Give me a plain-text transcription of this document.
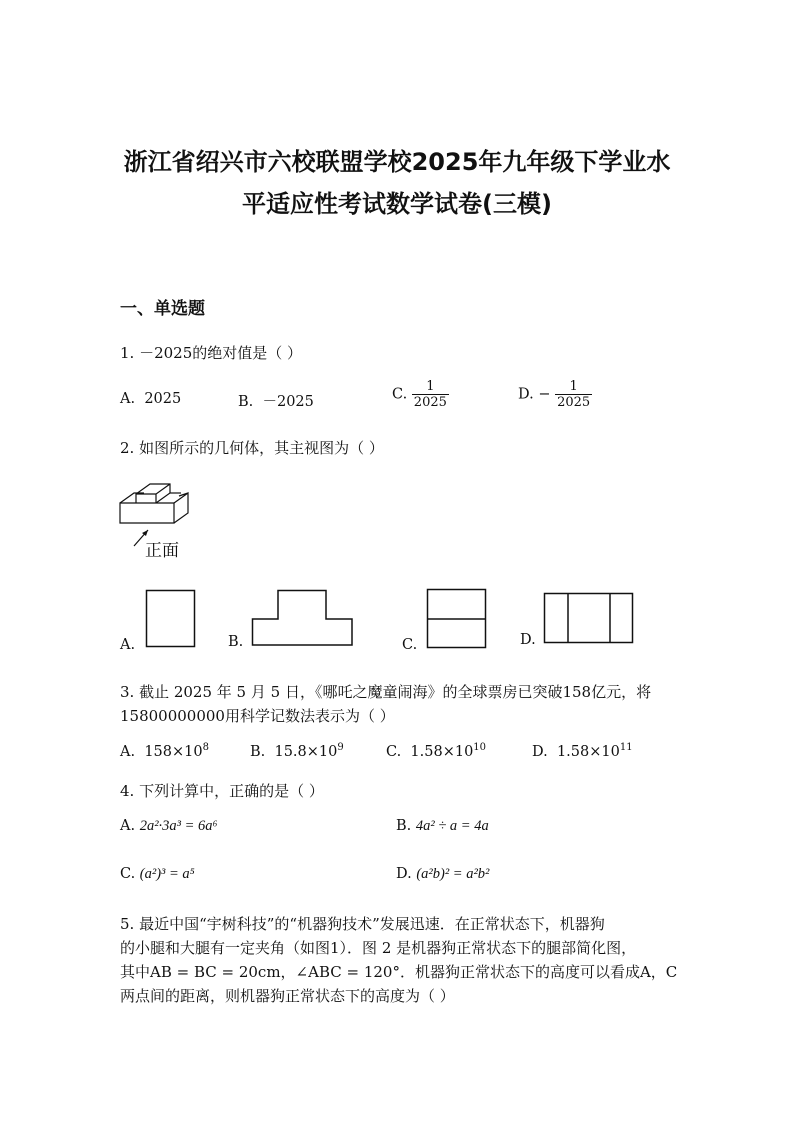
浙江省绍兴市六校联盟学校2025年九年级下学业水
平适应性考试数学试卷(三模)
一、单选题
1. －2025的绝对值是（ ）
A. 2025	B. －2025	C. $\frac{1}{2025}$	D. − $\frac{1}{2025}$
2. 如图所示的几何体，其主视图为（ ）
正面
A.	B.	C.	D.
3. 截止 2025 年 5 月 5 日，《哪吒之魔童闹海》的全球票房已突破158亿元，将
15800000000用科学记数法表示为（ ）
A. $158\times 10^8$	B. $15.8\times 10^9$	C. $1.58\times 10^{10}$	D. $1.58\times 10^{11}$
4. 下列计算中，正确的是（ ）
A. 2a²·3a³ = 6a⁶	B. 4a² ÷ a = 4a
C. (a²)³ = a⁵	D. (a²b)² = a²b²
5. 最近中国“宇树科技”的“机器狗技术”发展迅速．在正常状态下，机器狗
的小腿和大腿有一定夹角（如图1）．图 2 是机器狗正常状态下的腿部简化图，
其中AB = BC = 20cm，∠ABC = 120°．机器狗正常状态下的高度可以看成A，C
两点间的距离，则机器狗正常状态下的高度为（ ）
